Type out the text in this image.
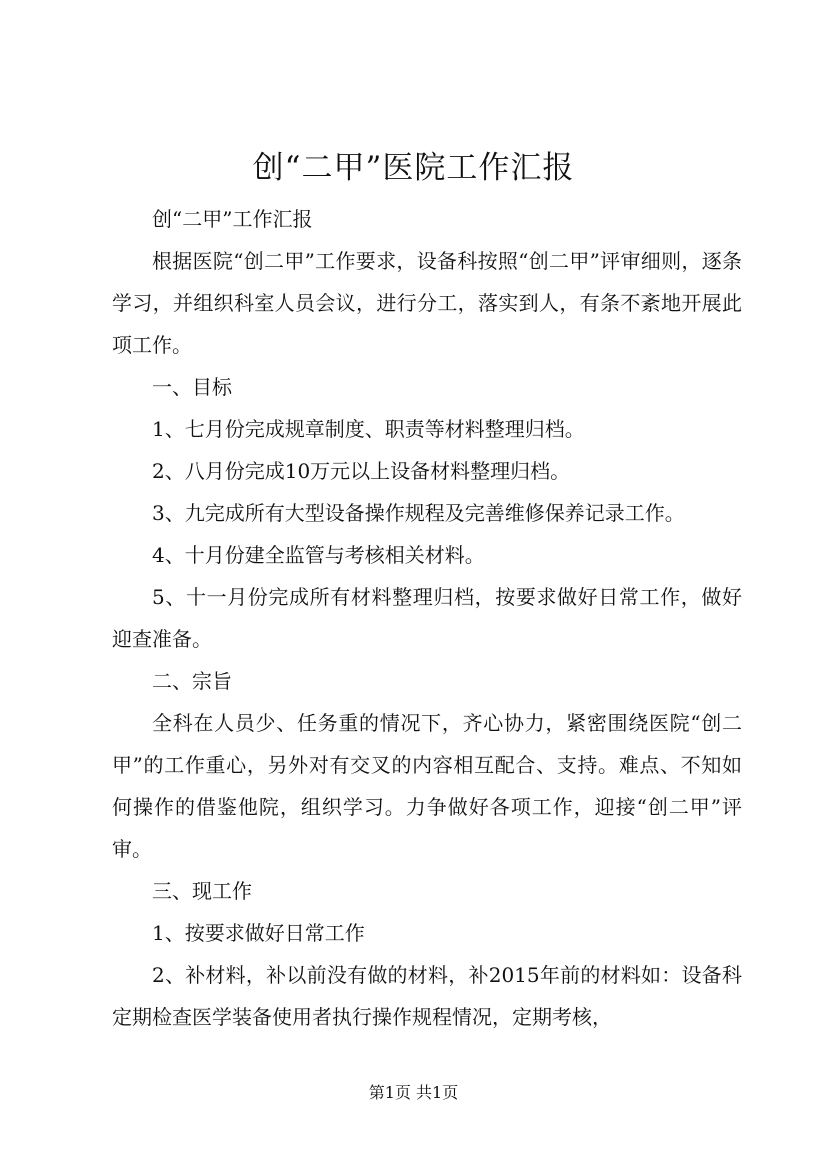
创“二甲”医院工作汇报

创“二甲”工作汇报

根据医院“创二甲”工作要求，设备科按照“创二甲”评审细则，逐条学习，并组织科室人员会议，进行分工，落实到人，有条不紊地开展此项工作。

一、目标

1、七月份完成规章制度、职责等材料整理归档。

2、八月份完成10万元以上设备材料整理归档。

3、九完成所有大型设备操作规程及完善维修保养记录工作。

4、十月份建全监管与考核相关材料。

5、十一月份完成所有材料整理归档，按要求做好日常工作，做好迎查准备。

二、宗旨

全科在人员少、任务重的情况下，齐心协力，紧密围绕医院“创二甲”的工作重心，另外对有交叉的内容相互配合、支持。难点、不知如何操作的借鉴他院，组织学习。力争做好各项工作，迎接“创二甲”评审。

三、现工作

1、按要求做好日常工作

2、补材料，补以前没有做的材料，补2015年前的材料如：设备科定期检查医学装备使用者执行操作规程情况，定期考核，

第1页 共1页
